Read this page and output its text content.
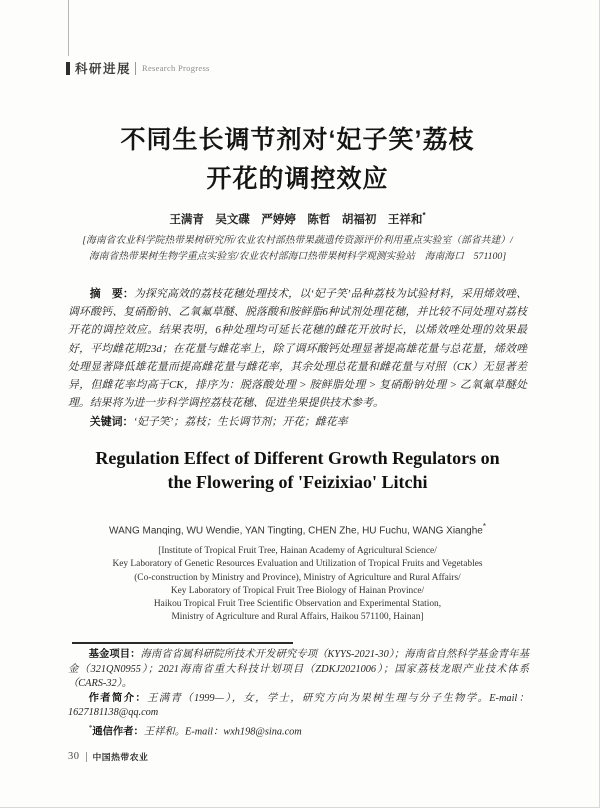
科研进展 Research Progress
不同生长调节剂对‘妃子笑’荔枝
开花的调控效应
王满青　吴文碟　严婷婷　陈哲　胡福初　王祥和*
[海南省农业科学院热带果树研究所/农业农村部热带果蔬遗传资源评价利用重点实验室（部省共建）/
海南省热带果树生物学重点实验室/农业农村部海口热带果树科学观测实验站　海南海口　571100]

摘　要：为探究高效的荔枝花穗处理技术，以‘妃子笑’品种荔枝为试验材料，采用烯效唑、调环酸钙、复硝酚钠、乙氧氟草醚、脱落酸和胺鲜脂6种试剂处理花穗，并比较不同处理对荔枝开花的调控效应。结果表明，6种处理均可延长花穗的雌花开放时长，以烯效唑处理的效果最好，平均雌花期23d；在花量与雌花率上，除了调环酸钙处理显著提高雄花量与总花量，烯效唑处理显著降低雄花量而提高雌花量与雌花率，其余处理总花量和雌花量与对照（CK）无显著差异，但雌花率均高于CK，排序为：脱落酸处理 > 胺鲜脂处理 > 复硝酚钠处理 > 乙氧氟草醚处理。结果将为进一步科学调控荔枝花穗、促进坐果提供技术参考。

关键词：‘妃子笑’；荔枝；生长调节剂；开花；雌花率

Regulation Effect of Different Growth Regulators on
the Flowering of 'Feizixiao' Litchi
WANG Manqing, WU Wendie, YAN Tingting, CHEN Zhe, HU Fuchu, WANG Xianghe*
[Institute of Tropical Fruit Tree, Hainan Academy of Agricultural Science/
Key Laboratory of Genetic Resources Evaluation and Utilization of Tropical Fruits and Vegetables
(Co-construction by Ministry and Province), Ministry of Agriculture and Rural Affairs/
Key Laboratory of Tropical Fruit Tree Biology of Hainan Province/
Haikou Tropical Fruit Tree Scientific Observation and Experimental Station,
Ministry of Agriculture and Rural Affairs, Haikou 571100, Hainan]

基金项目：海南省省属科研院所技术开发研究专项（KYYS-2021-30）；海南省自然科学基金青年基金（321QN0955）；2021海南省重大科技计划项目（ZDKJ2021006）；国家荔枝龙眼产业技术体系（CARS-32）。

作者简介：王满青（1999—），女，学士，研究方向为果树生理与分子生物学。E-mail：1627181138@qq.com

*通信作者：王祥和。E-mail：wxh198@sina.com

30 中国热带农业
